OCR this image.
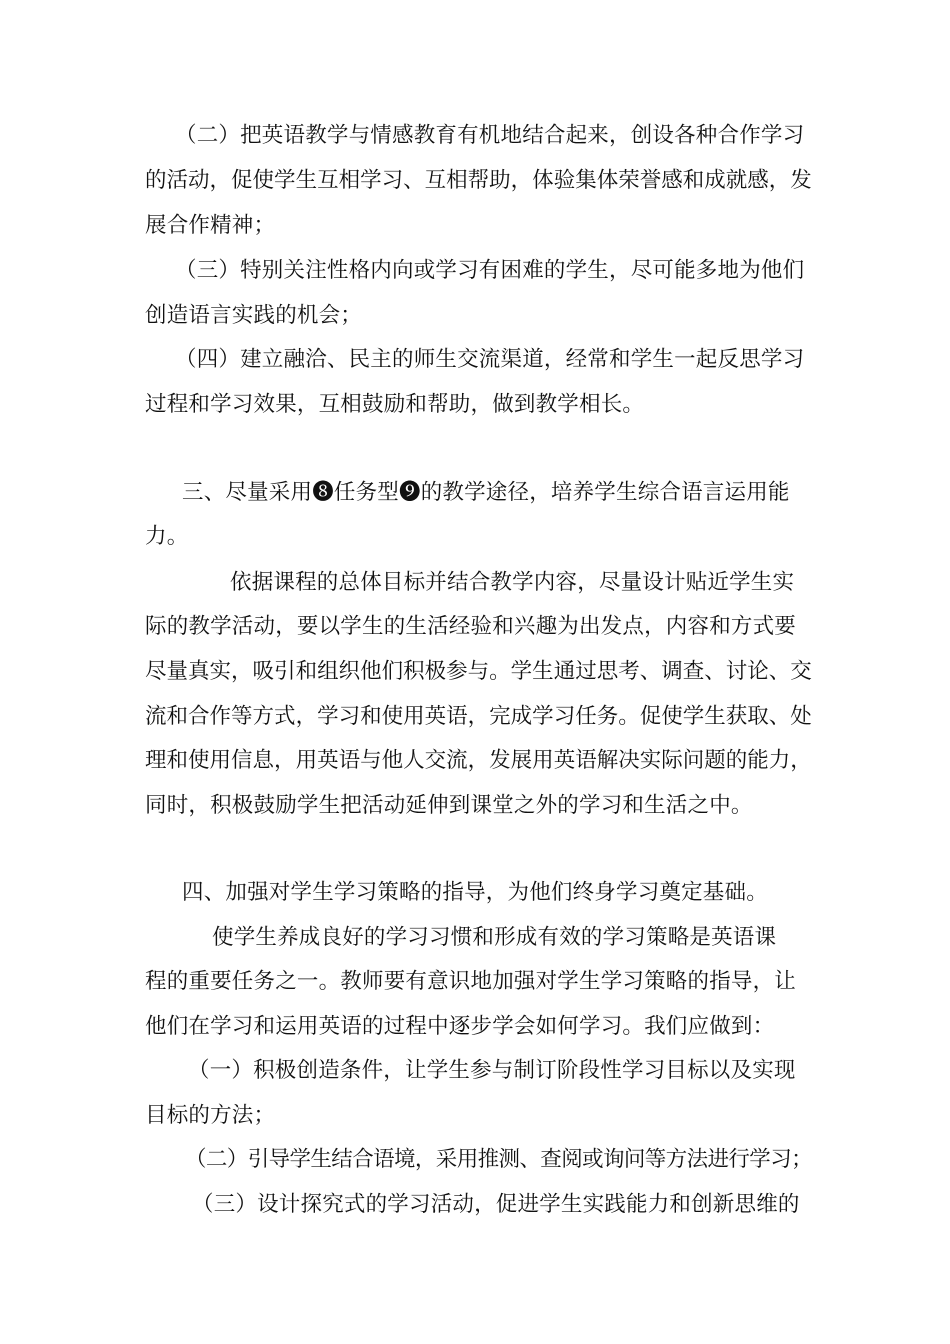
（二）把英语教学与情感教育有机地结合起来，创设各种合作学习
的活动，促使学生互相学习、互相帮助，体验集体荣誉感和成就感，发
展合作精神；
（三）特别关注性格内向或学习有困难的学生，尽可能多地为他们
创造语言实践的机会；
（四）建立融洽、民主的师生交流渠道，经常和学生一起反思学习
过程和学习效果，互相鼓励和帮助，做到教学相长。
三、尽量采用❽任务型❾的教学途径，培养学生综合语言运用能
力。
依据课程的总体目标并结合教学内容，尽量设计贴近学生实
际的教学活动，要以学生的生活经验和兴趣为出发点，内容和方式要
尽量真实，吸引和组织他们积极参与。学生通过思考、调查、讨论、交
流和合作等方式，学习和使用英语，完成学习任务。促使学生获取、处
理和使用信息，用英语与他人交流，发展用英语解决实际问题的能力，
同时，积极鼓励学生把活动延伸到课堂之外的学习和生活之中。
四、加强对学生学习策略的指导，为他们终身学习奠定基础。
使学生养成良好的学习习惯和形成有效的学习策略是英语课
程的重要任务之一。教师要有意识地加强对学生学习策略的指导，让
他们在学习和运用英语的过程中逐步学会如何学习。我们应做到：
（一）积极创造条件，让学生参与制订阶段性学习目标以及实现
目标的方法；
（二）引导学生结合语境，采用推测、查阅或询问等方法进行学习；
（三）设计探究式的学习活动，促进学生实践能力和创新思维的
